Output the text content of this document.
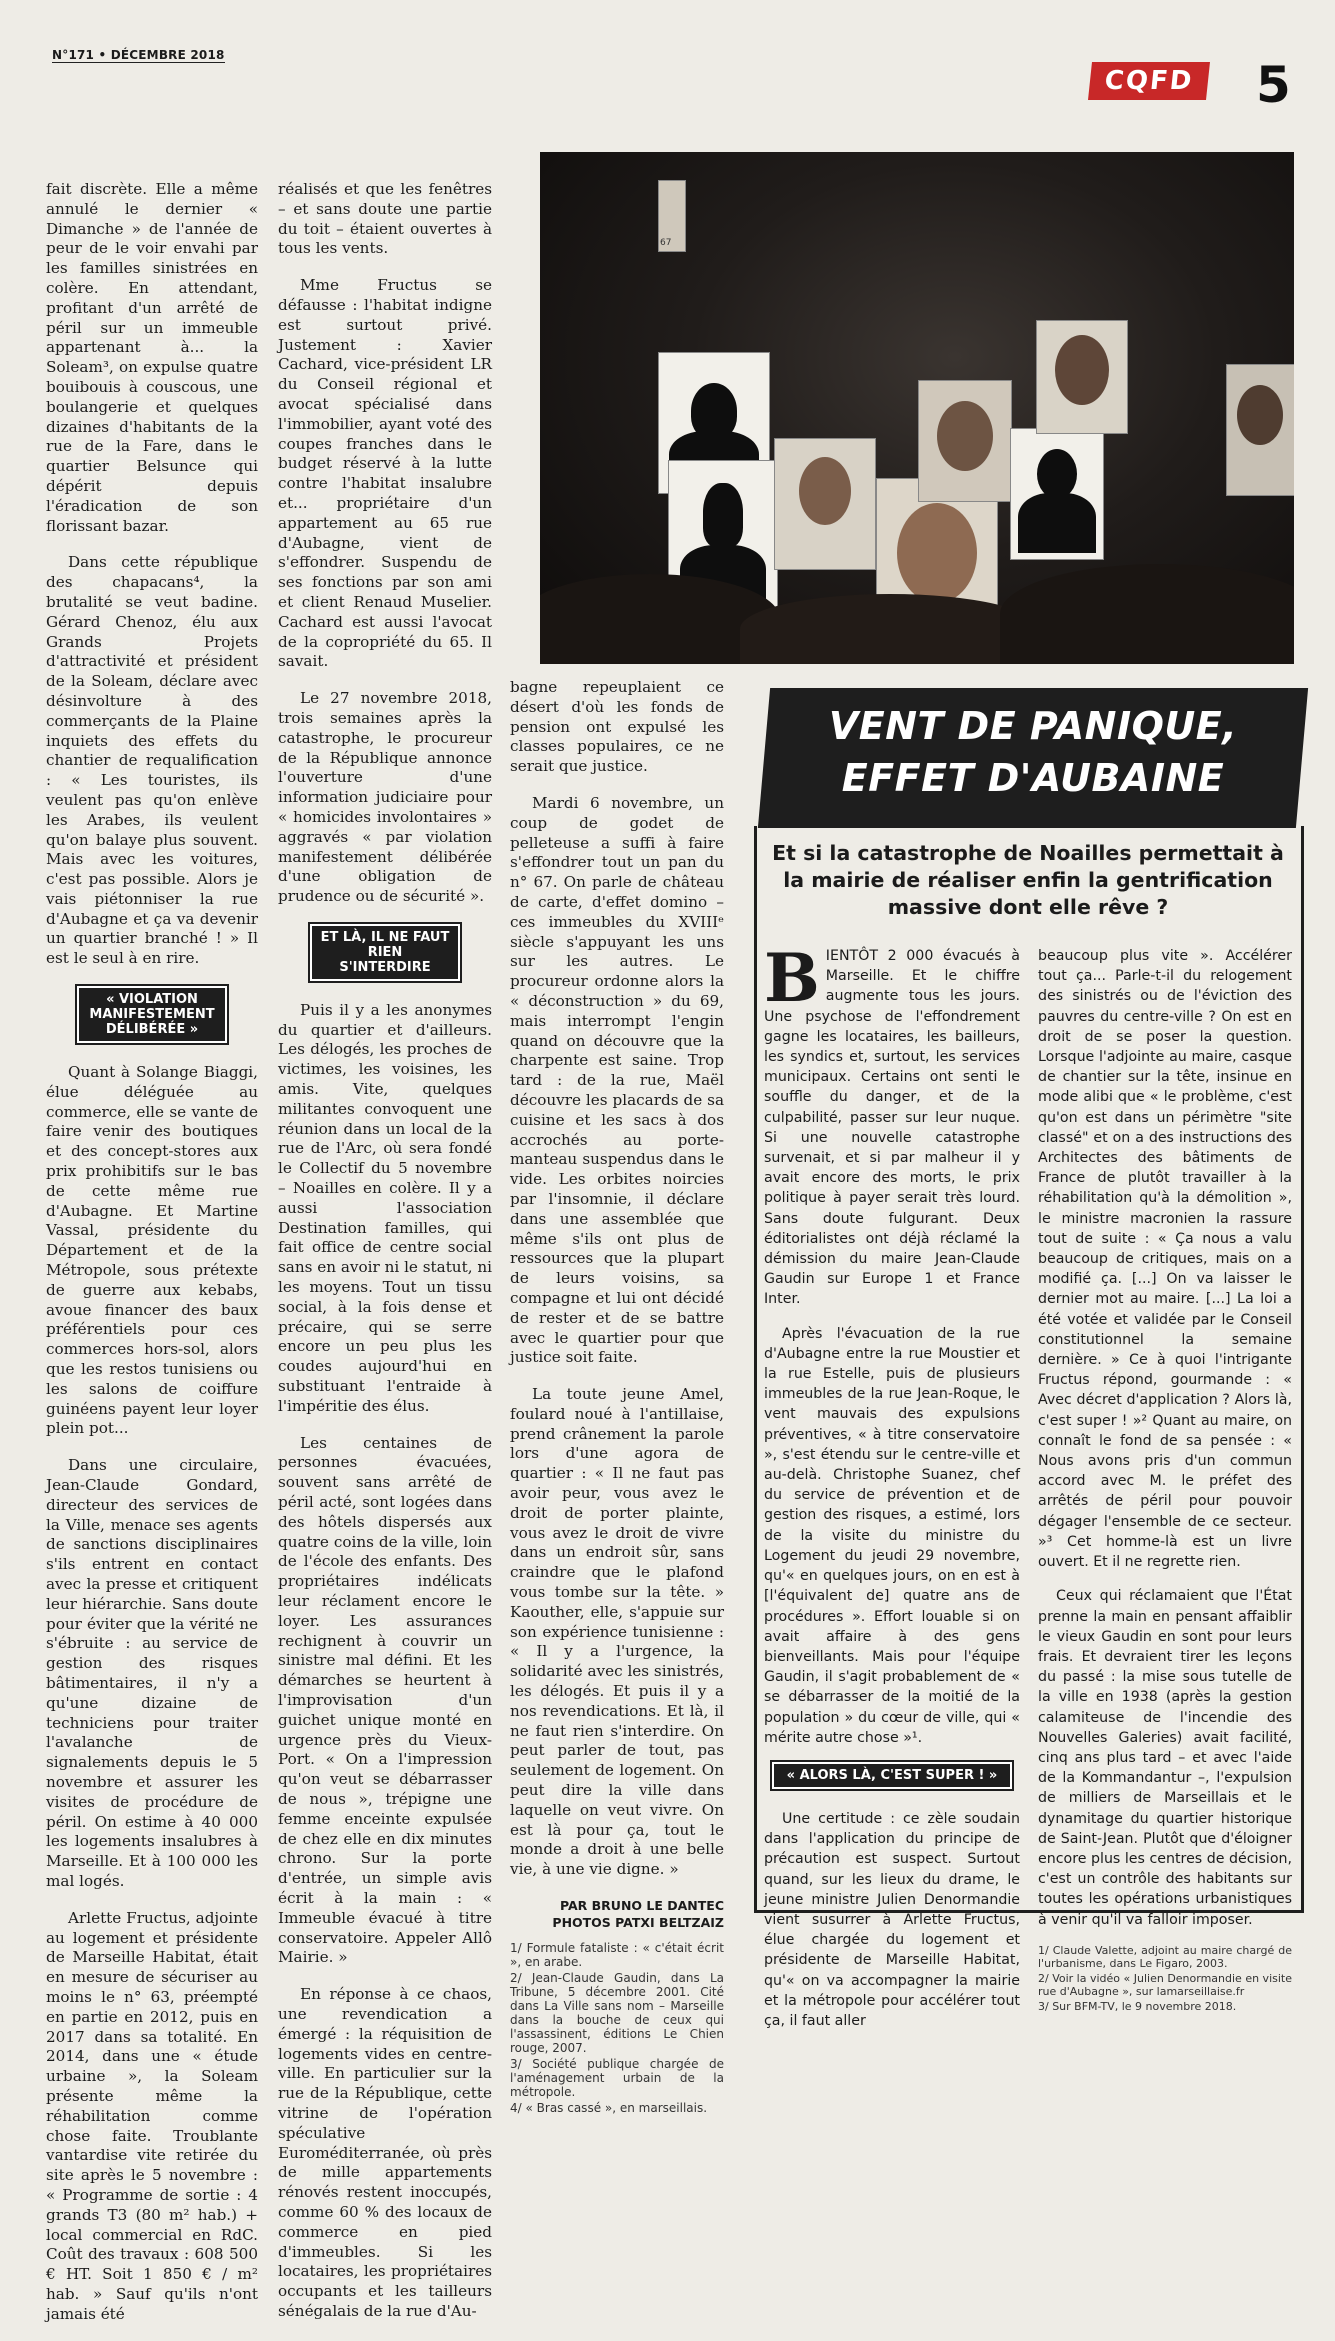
N°171 • DÉCEMBRE 2018
CQFD	5

fait discrète. Elle a même annulé le dernier « Dimanche » de l'année de peur de le voir envahi par les familles sinistrées en colère. En attendant, profitant d'un arrêté de péril sur un immeuble appartenant à... la Soleam³, on expulse quatre bouibouis à couscous, une boulangerie et quelques dizaines d'habitants de la rue de la Fare, dans le quartier Belsunce qui dépérit depuis l'éradication de son florissant bazar.

Dans cette république des chapacans⁴, la brutalité se veut badine. Gérard Chenoz, élu aux Grands Projets d'attractivité et président de la Soleam, déclare avec désinvolture à des commerçants de la Plaine inquiets des effets du chantier de requalification : « Les touristes, ils veulent pas qu'on enlève les Arabes, ils veulent qu'on balaye plus souvent. Mais avec les voitures, c'est pas possible. Alors je vais piétonniser la rue d'Aubagne et ça va devenir un quartier branché ! » Il est le seul à en rire.

« VIOLATION MANIFESTEMENT DÉLIBÉRÉE »

Quant à Solange Biaggi, élue déléguée au commerce, elle se vante de faire venir des boutiques et des concept-stores aux prix prohibitifs sur le bas de cette même rue d'Aubagne. Et Martine Vassal, présidente du Département et de la Métropole, sous prétexte de guerre aux kebabs, avoue financer des baux préférentiels pour ces commerces hors-sol, alors que les restos tunisiens ou les salons de coiffure guinéens payent leur loyer plein pot...

Dans une circulaire, Jean-Claude Gondard, directeur des services de la Ville, menace ses agents de sanctions disciplinaires s'ils entrent en contact avec la presse et critiquent leur hiérarchie. Sans doute pour éviter que la vérité ne s'ébruite : au service de gestion des risques bâtimentaires, il n'y a qu'une dizaine de techniciens pour traiter l'avalanche de signalements depuis le 5 novembre et assurer les visites de procédure de péril. On estime à 40 000 les logements insalubres à Marseille. Et à 100 000 les mal logés.

Arlette Fructus, adjointe au logement et présidente de Marseille Habitat, était en mesure de sécuriser au moins le n° 63, préempté en partie en 2012, puis en 2017 dans sa totalité. En 2014, dans une « étude urbaine », la Soleam présente même la réhabilitation comme chose faite. Troublante vantardise vite retirée du site après le 5 novembre : « Programme de sortie : 4 grands T3 (80 m² hab.) + local commercial en RdC. Coût des travaux : 608 500 € HT. Soit 1 850 € / m² hab. » Sauf qu'ils n'ont jamais été

réalisés et que les fenêtres – et sans doute une partie du toit – étaient ouvertes à tous les vents.

Mme Fructus se défausse : l'habitat indigne est surtout privé. Justement : Xavier Cachard, vice-président LR du Conseil régional et avocat spécialisé dans l'immobilier, ayant voté des coupes franches dans le budget réservé à la lutte contre l'habitat insalubre et... propriétaire d'un appartement au 65 rue d'Aubagne, vient de s'effondrer. Suspendu de ses fonctions par son ami et client Renaud Muselier. Cachard est aussi l'avocat de la copropriété du 65. Il savait.

Le 27 novembre 2018, trois semaines après la catastrophe, le procureur de la République annonce l'ouverture d'une information judiciaire pour « homicides involontaires » aggravés « par violation manifestement délibérée d'une obligation de prudence ou de sécurité ».

ET LÀ, IL NE FAUT RIEN S'INTERDIRE

Puis il y a les anonymes du quartier et d'ailleurs. Les délogés, les proches de victimes, les voisines, les amis. Vite, quelques militantes convoquent une réunion dans un local de la rue de l'Arc, où sera fondé le Collectif du 5 novembre – Noailles en colère. Il y a aussi l'association Destination familles, qui fait office de centre social sans en avoir ni le statut, ni les moyens. Tout un tissu social, à la fois dense et précaire, qui se serre encore un peu plus les coudes aujourd'hui en substituant l'entraide à l'impéritie des élus.

Les centaines de personnes évacuées, souvent sans arrêté de péril acté, sont logées dans des hôtels dispersés aux quatre coins de la ville, loin de l'école des enfants. Des propriétaires indélicats leur réclament encore le loyer. Les assurances rechignent à couvrir un sinistre mal défini. Et les démarches se heurtent à l'improvisation d'un guichet unique monté en urgence près du Vieux-Port. « On a l'impression qu'on veut se débarrasser de nous », trépigne une femme enceinte expulsée de chez elle en dix minutes chrono. Sur la porte d'entrée, un simple avis écrit à la main : « Immeuble évacué à titre conservatoire. Appeler Allô Mairie. »

En réponse à ce chaos, une revendication a émergé : la réquisition de logements vides en centre-ville. En particulier sur la rue de la République, cette vitrine de l'opération spéculative Euroméditerranée, où près de mille appartements rénovés restent inoccupés, comme 60 % des locaux de commerce en pied d'immeubles. Si les locataires, les propriétaires occupants et les tailleurs sénégalais de la rue d'Au-

67

bagne repeuplaient ce désert d'où les fonds de pension ont expulsé les classes populaires, ce ne serait que justice.

Mardi 6 novembre, un coup de godet de pelleteuse a suffi à faire s'effondrer tout un pan du n° 67. On parle de château de carte, d'effet domino – ces immeubles du XVIIIᵉ siècle s'appuyant les uns sur les autres. Le procureur ordonne alors la « déconstruction » du 69, mais interrompt l'engin quand on découvre que la charpente est saine. Trop tard : de la rue, Maël découvre les placards de sa cuisine et les sacs à dos accrochés au porte-manteau suspendus dans le vide. Les orbites noircies par l'insomnie, il déclare dans une assemblée que même s'ils ont plus de ressources que la plupart de leurs voisins, sa compagne et lui ont décidé de rester et de se battre avec le quartier pour que justice soit faite.

La toute jeune Amel, foulard noué à l'antillaise, prend crânement la parole lors d'une agora de quartier : « Il ne faut pas avoir peur, vous avez le droit de porter plainte, vous avez le droit de vivre dans un endroit sûr, sans craindre que le plafond vous tombe sur la tête. » Kaouther, elle, s'appuie sur son expérience tunisienne : « Il y a l'urgence, la solidarité avec les sinistrés, les délogés. Et puis il y a nos revendications. Et là, il ne faut rien s'interdire. On peut parler de tout, pas seulement de logement. On peut dire la ville dans laquelle on veut vivre. On est là pour ça, tout le monde a droit à une belle vie, à une vie digne. »

PAR BRUNO LE DANTEC
PHOTOS PATXI BELTZAIZ
1/ Formule fataliste : « c'était écrit », en arabe.
2/ Jean-Claude Gaudin, dans La Tribune, 5 décembre 2001. Cité dans La Ville sans nom – Marseille dans la bouche de ceux qui l'assassinent, éditions Le Chien rouge, 2007.
3/ Société publique chargée de l'aménagement urbain de la métropole.
4/ « Bras cassé », en marseillais.
VENT DE PANIQUE,
EFFET D'AUBAINE
Et si la catastrophe de Noailles permettait à la mairie de réaliser enfin la gentrification massive dont elle rêve ?

BIENTÔT 2 000 évacués à Marseille. Et le chiffre augmente tous les jours. Une psychose de l'effondrement gagne les locataires, les bailleurs, les syndics et, surtout, les services municipaux. Certains ont senti le souffle du danger, et de la culpabilité, passer sur leur nuque. Si une nouvelle catastrophe survenait, et si par malheur il y avait encore des morts, le prix politique à payer serait très lourd. Sans doute fulgurant. Deux éditorialistes ont déjà réclamé la démission du maire Jean-Claude Gaudin sur Europe 1 et France Inter.

Après l'évacuation de la rue d'Aubagne entre la rue Moustier et la rue Estelle, puis de plusieurs immeubles de la rue Jean-Roque, le vent mauvais des expulsions préventives, « à titre conservatoire », s'est étendu sur le centre-ville et au-delà. Christophe Suanez, chef du service de prévention et de gestion des risques, a estimé, lors de la visite du ministre du Logement du jeudi 29 novembre, qu'« en quelques jours, on en est à [l'équivalent de] quatre ans de procédures ». Effort louable si on avait affaire à des gens bienveillants. Mais pour l'équipe Gaudin, il s'agit probablement de « se débarrasser de la moitié de la population » du cœur de ville, qui « mérite autre chose »¹.

« ALORS LÀ, C'EST SUPER ! »

Une certitude : ce zèle soudain dans l'application du principe de précaution est suspect. Surtout quand, sur les lieux du drame, le jeune ministre Julien Denormandie vient susurrer à Arlette Fructus, élue chargée du logement et présidente de Marseille Habitat, qu'« on va accompagner la mairie et la métropole pour accélérer tout ça, il faut aller

beaucoup plus vite ». Accélérer tout ça... Parle-t-il du relogement des sinistrés ou de l'éviction des pauvres du centre-ville ? On est en droit de se poser la question. Lorsque l'adjointe au maire, casque de chantier sur la tête, insinue en mode alibi que « le problème, c'est qu'on est dans un périmètre "site classé" et on a des instructions des Architectes des bâtiments de France de plutôt travailler à la réhabilitation qu'à la démolition », le ministre macronien la rassure tout de suite : « Ça nous a valu beaucoup de critiques, mais on a modifié ça. [...] On va laisser le dernier mot au maire. [...] La loi a été votée et validée par le Conseil constitutionnel la semaine dernière. » Ce à quoi l'intrigante Fructus répond, gourmande : « Avec décret d'application ? Alors là, c'est super ! »² Quant au maire, on connaît le fond de sa pensée : « Nous avons pris d'un commun accord avec M. le préfet des arrêtés de péril pour pouvoir dégager l'ensemble de ce secteur. »³ Cet homme-là est un livre ouvert. Et il ne regrette rien.

Ceux qui réclamaient que l'État prenne la main en pensant affaiblir le vieux Gaudin en sont pour leurs frais. Et devraient tirer les leçons du passé : la mise sous tutelle de la ville en 1938 (après la gestion calamiteuse de l'incendie des Nouvelles Galeries) avait facilité, cinq ans plus tard – et avec l'aide de la Kommandantur –, l'expulsion de milliers de Marseillais et le dynamitage du quartier historique de Saint-Jean. Plutôt que d'éloigner encore plus les centres de décision, c'est un contrôle des habitants sur toutes les opérations urbanistiques à venir qu'il va falloir imposer.

1/ Claude Valette, adjoint au maire chargé de l'urbanisme, dans Le Figaro, 2003.
2/ Voir la vidéo « Julien Denormandie en visite rue d'Aubagne », sur lamarseillaise.fr
3/ Sur BFM-TV, le 9 novembre 2018.
